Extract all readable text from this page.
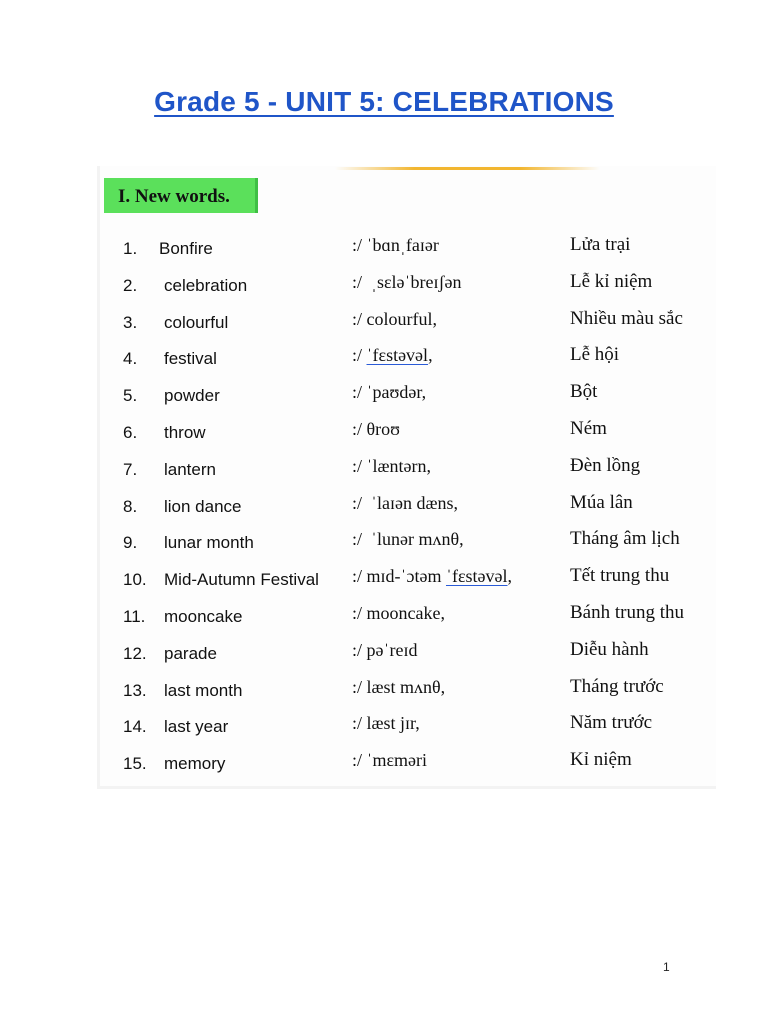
Grade 5 - UNIT 5: CELEBRATIONS
I. New words.
1. Bonfire	:/ ˈbɑnˌfaɪər	Lửa trại
2. celebration	:/  ˌsɛləˈbreɪʃən	Lễ kỉ niệm
3. colourful	:/ colourful,	Nhiều màu sắc
4. festival	:/ ˈfɛstəvəl,	Lễ hội
5. powder	:/ ˈpaʊdər,	Bột
6. throw	:/ θroʊ	Ném
7. lantern	:/ ˈlæntərn,	Đèn lồng
8. lion dance	:/  ˈlaɪən dæns,	Múa lân
9. lunar month	:/  ˈlunər mʌnθ,	Tháng âm lịch
10. Mid-Autumn Festival :/ mɪd-ˈɔtəm ˈfɛstəvəl,	Tết trung thu
11. mooncake	:/ mooncake,	Bánh trung thu
12. parade	:/ pəˈreɪd	Diễu hành
13. last month	:/ læst mʌnθ,	Tháng trước
14. last year	:/ læst jɪr,	Năm trước
15. memory	:/ ˈmɛməri	Kỉ niệm
1
